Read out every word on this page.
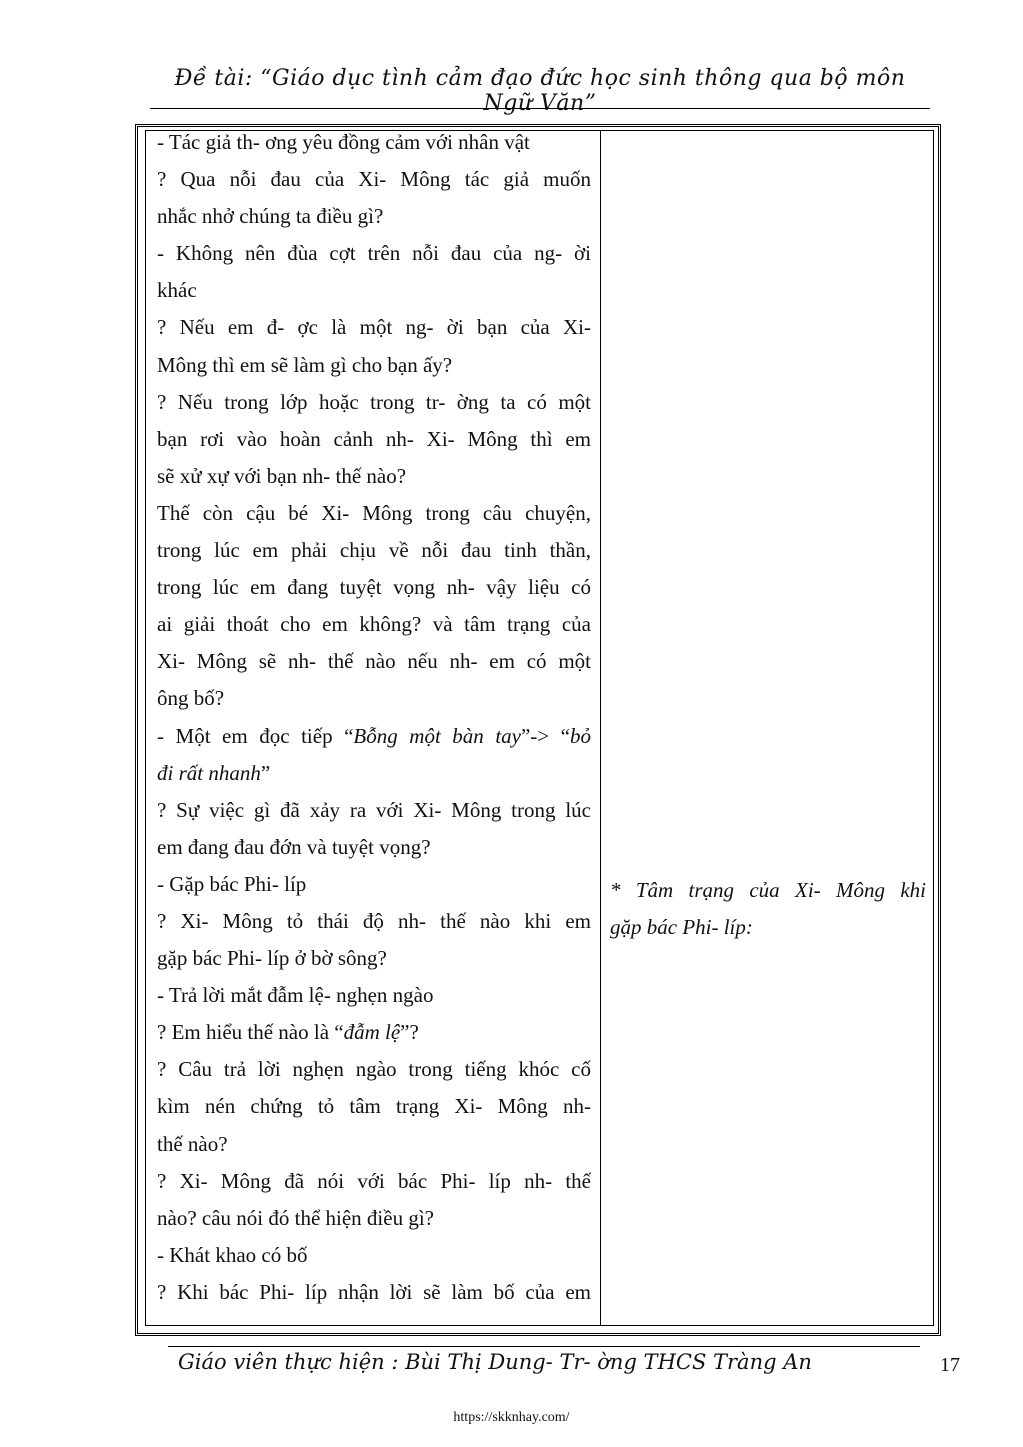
Đề tài: “Giáo dục tình cảm đạo đức học sinh thông qua bộ môn Ngữ Văn”
- Tác giả th- ơng yêu đồng cảm với nhân vật
? Qua nỗi đau của Xi- Mông tác giả muốn
nhắc nhở chúng ta điều gì?
- Không nên đùa cợt trên nỗi đau của ng- ời
khác
? Nếu em đ- ợc là một ng- ời bạn của Xi-
Mông thì em sẽ làm gì cho bạn ấy?
? Nếu trong lớp hoặc trong tr- ờng ta có một
bạn rơi vào hoàn cảnh nh- Xi- Mông thì em
sẽ xử xự với bạn nh- thế nào?
Thế còn cậu bé Xi- Mông trong câu chuyện,
trong lúc em phải chịu về nỗi đau tinh thần,
trong lúc em đang tuyệt vọng nh- vậy liệu có
ai giải thoát cho em không? và tâm trạng của
Xi- Mông sẽ nh- thế nào nếu nh- em có một
ông bố?
- Một em đọc tiếp “Bỗng một bàn tay”-> “bỏ
đi rất nhanh”
? Sự việc gì đã xảy ra với Xi- Mông trong lúc
em đang đau đớn và tuyệt vọng?
- Gặp bác Phi- líp
? Xi- Mông tỏ thái độ nh- thế nào khi em
gặp bác Phi- líp ở bờ sông?
- Trả lời mắt đẫm lệ- nghẹn ngào
? Em hiểu thế nào là “đẫm lệ”?
? Câu trả lời nghẹn ngào trong tiếng khóc cố
kìm nén chứng tỏ tâm trạng Xi- Mông nh-
thế nào?
? Xi- Mông đã nói với bác Phi- líp nh- thế
nào? câu nói đó thể hiện điều gì?
- Khát khao có bố
? Khi bác Phi- líp nhận lời sẽ làm bố của em
* Tâm trạng của Xi- Mông khi
gặp bác Phi- líp:
Giáo viên thực hiện : Bùi Thị Dung- Tr- ờng THCS Tràng An	17
https://skknhay.com/
